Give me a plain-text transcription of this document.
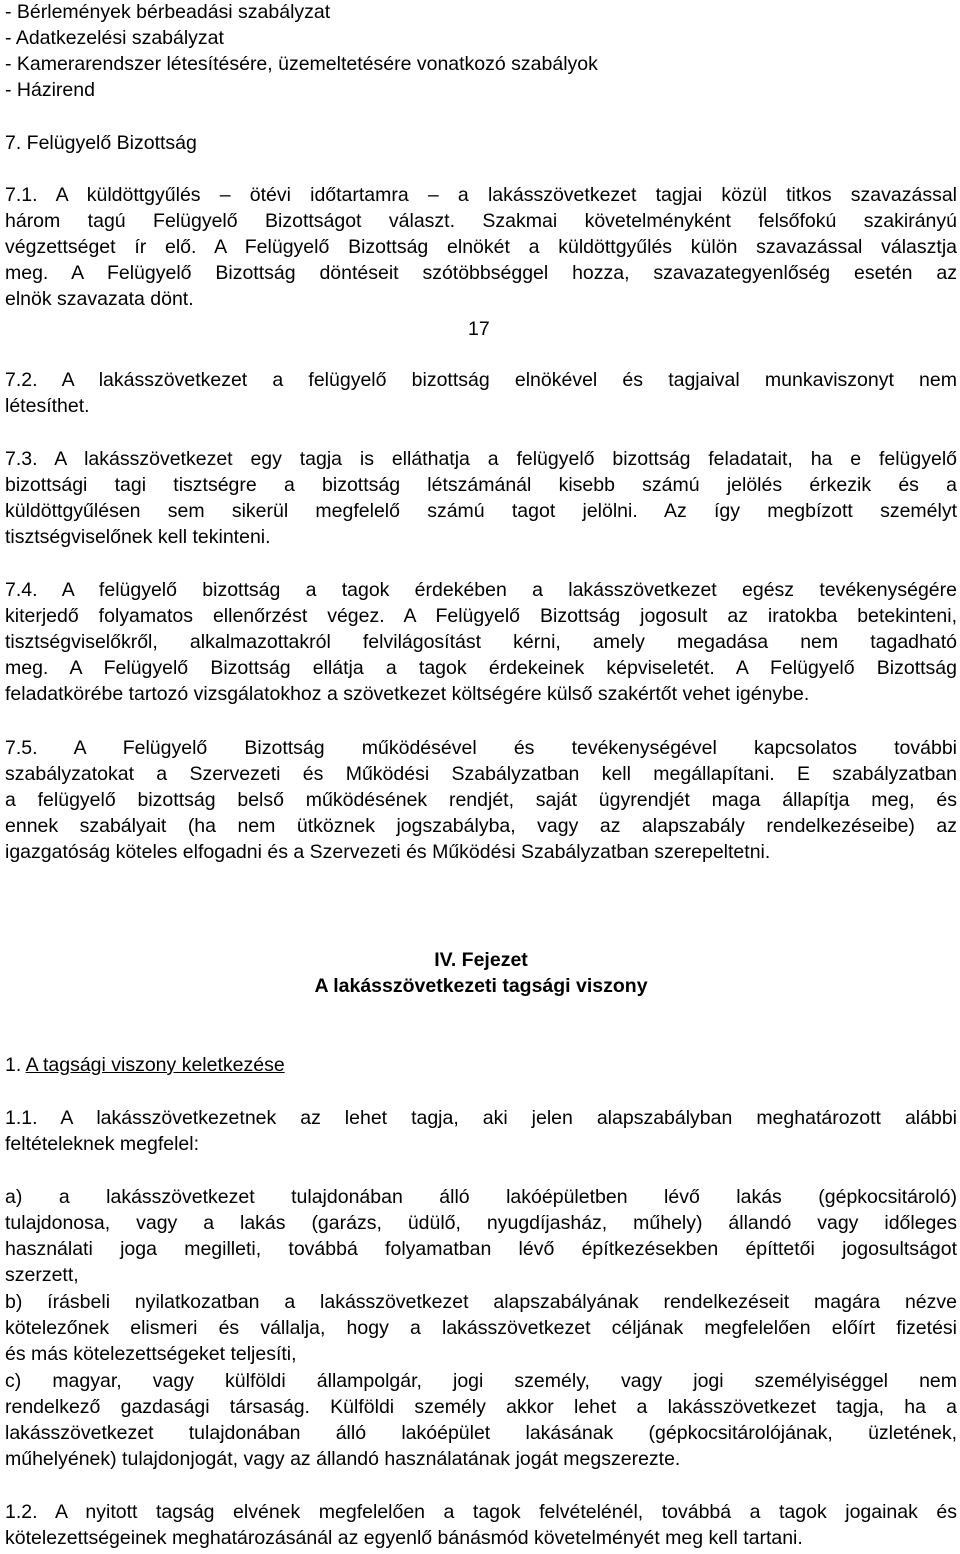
- Bérlemények bérbeadási szabályzat
- Adatkezelési szabályzat
- Kamerarendszer létesítésére, üzemeltetésére vonatkozó szabályok
- Házirend
7. Felügyelő Bizottság
7.1. A küldöttgyűlés – ötévi időtartamra – a lakásszövetkezet tagjai közül titkos szavazással
három tagú Felügyelő Bizottságot választ. Szakmai követelményként felsőfokú szakirányú
végzettséget ír elő. A Felügyelő Bizottság elnökét a küldöttgyűlés külön szavazással választja
meg. A Felügyelő Bizottság döntéseit szótöbbséggel hozza, szavazategyenlőség esetén az
elnök szavazata dönt.
17
7.2. A lakásszövetkezet a felügyelő bizottság elnökével és tagjaival munkaviszonyt nem
létesíthet.
7.3. A lakásszövetkezet egy tagja is elláthatja a felügyelő bizottság feladatait, ha e felügyelő
bizottsági tagi tisztségre a bizottság létszámánál kisebb számú jelölés érkezik és a
küldöttgyűlésen sem sikerül megfelelő számú tagot jelölni. Az így megbízott személyt
tisztségviselőnek kell tekinteni.
7.4. A felügyelő bizottság a tagok érdekében a lakásszövetkezet egész tevékenységére
kiterjedő folyamatos ellenőrzést végez. A Felügyelő Bizottság jogosult az iratokba betekinteni,
tisztségviselőkről, alkalmazottakról felvilágosítást kérni, amely megadása nem tagadható
meg. A Felügyelő Bizottság ellátja a tagok érdekeinek képviseletét. A Felügyelő Bizottság
feladatkörébe tartozó vizsgálatokhoz a szövetkezet költségére külső szakértőt vehet igénybe.
7.5. A Felügyelő Bizottság működésével és tevékenységével kapcsolatos további
szabályzatokat a Szervezeti és Működési Szabályzatban kell megállapítani. E szabályzatban
a felügyelő bizottság belső működésének rendjét, saját ügyrendjét maga állapítja meg, és
ennek szabályait (ha nem ütköznek jogszabályba, vagy az alapszabály rendelkezéseibe) az
igazgatóság köteles elfogadni és a Szervezeti és Működési Szabályzatban szerepeltetni.
IV. Fejezet
A lakásszövetkezeti tagsági viszony
1. A tagsági viszony keletkezése
1.1. A lakásszövetkezetnek az lehet tagja, aki jelen alapszabályban meghatározott alábbi
feltételeknek megfelel:
a) a lakásszövetkezet tulajdonában álló lakóépületben lévő lakás (gépkocsitároló)
tulajdonosa, vagy a lakás (garázs, üdülő, nyugdíjasház, műhely) állandó vagy időleges
használati joga megilleti, továbbá folyamatban lévő építkezésekben építtetői jogosultságot
szerzett,
b) írásbeli nyilatkozatban a lakásszövetkezet alapszabályának rendelkezéseit magára nézve
kötelezőnek elismeri és vállalja, hogy a lakásszövetkezet céljának megfelelően előírt fizetési
és más kötelezettségeket teljesíti,
c) magyar, vagy külföldi állampolgár, jogi személy, vagy jogi személyiséggel nem
rendelkező gazdasági társaság. Külföldi személy akkor lehet a lakásszövetkezet tagja, ha a
lakásszövetkezet tulajdonában álló lakóépület lakásának (gépkocsitárolójának, üzletének,
műhelyének) tulajdonjogát, vagy az állandó használatának jogát megszerezte.
1.2. A nyitott tagság elvének megfelelően a tagok felvételénél, továbbá a tagok jogainak és
kötelezettségeinek meghatározásánál az egyenlő bánásmód követelményét meg kell tartani.
